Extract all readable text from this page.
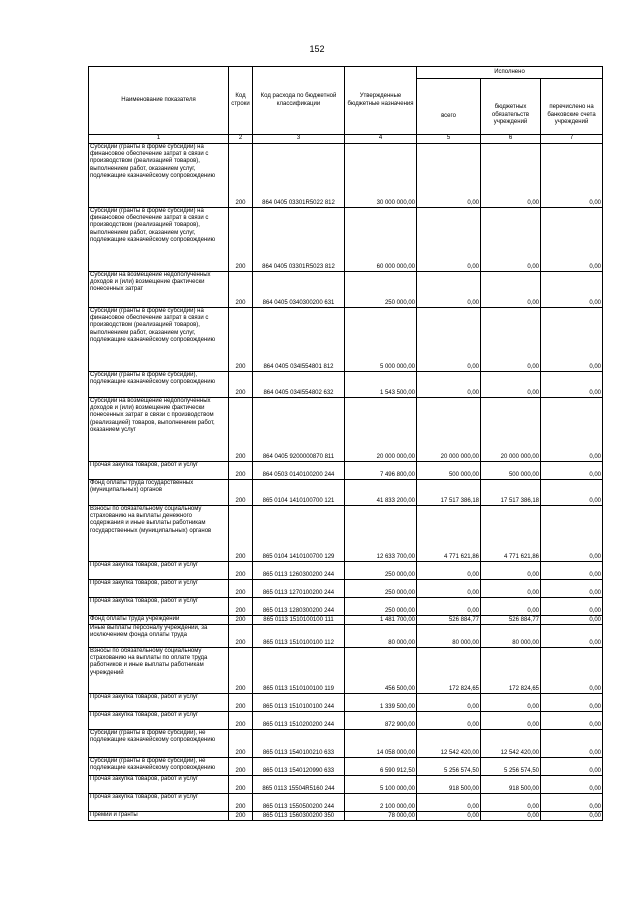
152
Наименование показателя	Код строки	Код расхода по бюджетной классификации	Утвержденные бюджетные назначения	Исполнено		
				всего	бюджетных обязательств учреждений	перечислено на банковские счета учреждений
1	2	3	4	5	6	7
Субсидии (гранты в форме субсидий) на финансовое обеспечение затрат в связи с производством (реализацией товаров), выполнением работ, оказанием услуг, подлежащие казначейскому сопровождению	200	864 0405 03301R5022 812	30 000 000,00	0,00	0,00	0,00
Субсидии (гранты в форме субсидий) на финансовое обеспечение затрат в связи с производством (реализацией товаров), выполнением работ, оказанием услуг, подлежащие казначейскому сопровождению	200	864 0405 03301R5023 812	60 000 000,00	0,00	0,00	0,00
Субсидии на возмещение недополученных доходов и (или) возмещение фактически понесенных затрат	200	864 0405 0340300200 631	250 000,00	0,00	0,00	0,00
Субсидии (гранты в форме субсидий) на финансовое обеспечение затрат в связи с производством (реализацией товаров), выполнением работ, оказанием услуг, подлежащие казначейскому сопровождению	200	864 0405 034I554801 812	5 000 000,00	0,00	0,00	0,00
Субсидии (гранты в форме субсидий), подлежащие казначейскому сопровождению	200	864 0405 034I554802 632	1 543 500,00	0,00	0,00	0,00
Субсидии на возмещение недополученных доходов и (или) возмещение фактически понесенных затрат в связи с производством (реализацией) товаров, выполнением работ, оказанием услуг	200	864 0405 9200000870 811	20 000 000,00	20 000 000,00	20 000 000,00	0,00
Прочая закупка товаров, работ и услуг	200	864 0503 0140100200 244	7 496 800,00	500 000,00	500 000,00	0,00
Фонд оплаты труда государственных (муниципальных) органов	200	865 0104 1410100700 121	41 833 200,00	17 517 386,18	17 517 386,18	0,00
Взносы по обязательному социальному страхованию на выплаты денежного содержания и иные выплаты работникам государственных (муниципальных) органов	200	865 0104 1410100700 129	12 633 700,00	4 771 621,86	4 771 621,86	0,00
Прочая закупка товаров, работ и услуг	200	865 0113 1260300200 244	250 000,00	0,00	0,00	0,00
Прочая закупка товаров, работ и услуг	200	865 0113 1270100200 244	250 000,00	0,00	0,00	0,00
Прочая закупка товаров, работ и услуг	200	865 0113 1280300200 244	250 000,00	0,00	0,00	0,00
Фонд оплаты труда учреждений	200	865 0113 1510100100 111	1 481 700,00	526 884,77	526 884,77	0,00
Иные выплаты персоналу учреждений, за исключением фонда оплаты труда	200	865 0113 1510100100 112	80 000,00	80 000,00	80 000,00	0,00
Взносы по обязательному социальному страхованию на выплаты по оплате труда работников и иные выплаты работникам учреждений	200	865 0113 1510100100 119	456 500,00	172 824,65	172 824,65	0,00
Прочая закупка товаров, работ и услуг	200	865 0113 1510100100 244	1 339 500,00	0,00	0,00	0,00
Прочая закупка товаров, работ и услуг	200	865 0113 1510200200 244	872 900,00	0,00	0,00	0,00
Субсидии (гранты в форме субсидий), не подлежащие казначейскому сопровождению	200	865 0113 1540100210 633	14 058 000,00	12 542 420,00	12 542 420,00	0,00
Субсидии (гранты в форме субсидий), не подлежащие казначейскому сопровождению	200	865 0113 1540120990 633	6 590 912,50	5 256 574,50	5 256 574,50	0,00
Прочая закупка товаров, работ и услуг	200	865 0113 15504R5160 244	5 100 000,00	918 500,00	918 500,00	0,00
Прочая закупка товаров, работ и услуг	200	865 0113 1550500200 244	2 100 000,00	0,00	0,00	0,00
Премии и гранты	200	865 0113 1560300200 350	78 000,00	0,00	0,00	0,00
